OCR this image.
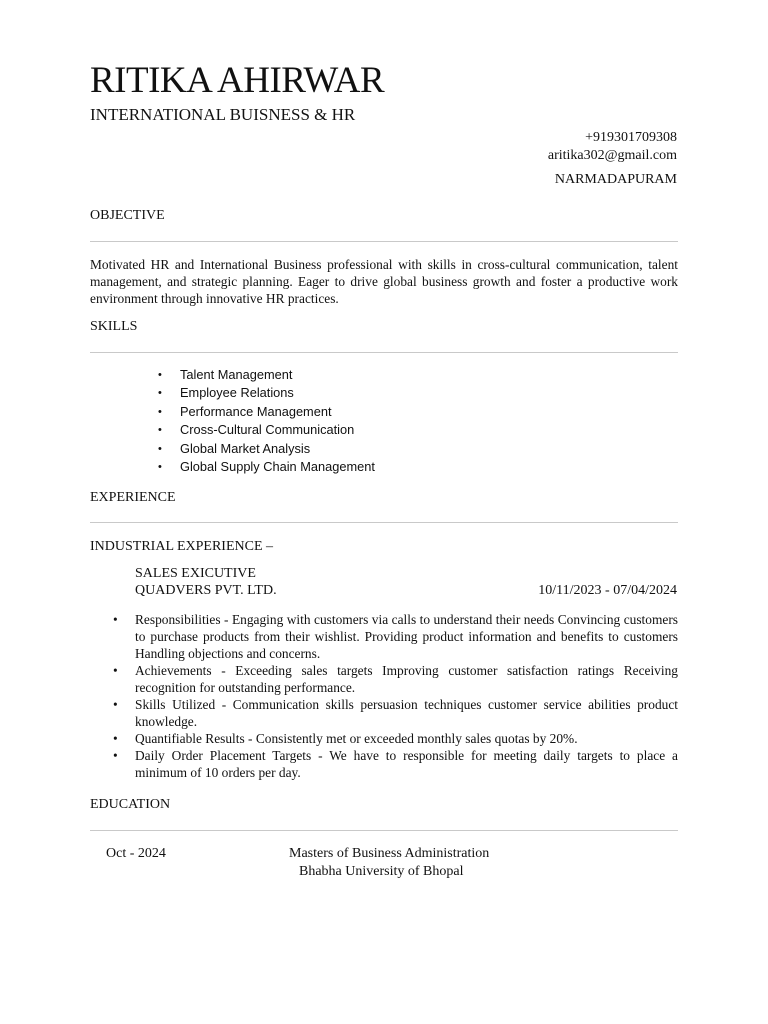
RITIKA AHIRWAR
INTERNATIONAL BUISNESS & HR
+919301709308
aritika302@gmail.com
NARMADAPURAM
OBJECTIVE
Motivated HR and International Business professional with skills in cross-cultural communication, talent management, and strategic planning. Eager to drive global business growth and foster a productive work environment through innovative HR practices.
SKILLS
• Talent Management
• Employee Relations
• Performance Management
• Cross-Cultural Communication
• Global Market Analysis
• Global Supply Chain Management
EXPERIENCE
INDUSTRIAL EXPERIENCE –
SALES EXICUTIVE
QUADVERS PVT. LTD.	10/11/2023 - 07/04/2024
• Responsibilities - Engaging with customers via calls to understand their needs Convincing customers to purchase products from their wishlist. Providing product information and benefits to customers Handling objections and concerns.
• Achievements - Exceeding sales targets Improving customer satisfaction ratings Receiving recognition for outstanding performance.
• Skills Utilized - Communication skills persuasion techniques customer service abilities product knowledge.
• Quantifiable Results - Consistently met or exceeded monthly sales quotas by 20%.
• Daily Order Placement Targets - We have to responsible for meeting daily targets to place a minimum of 10 orders per day.
EDUCATION
Oct - 2024	Masters of Business Administration
Bhabha University of Bhopal
